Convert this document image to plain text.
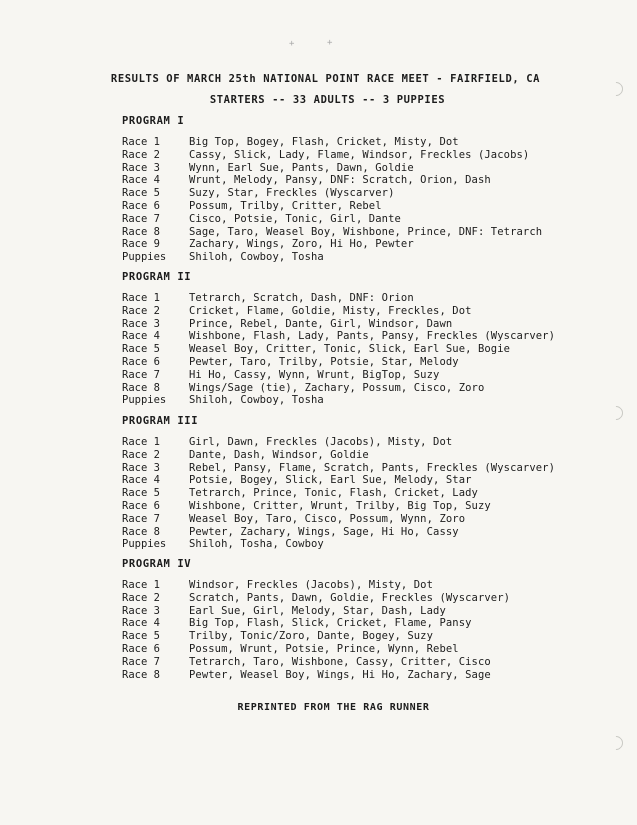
+	+
RESULTS OF MARCH 25th NATIONAL POINT RACE MEET - FAIRFIELD, CA
STARTERS -- 33 ADULTS -- 3 PUPPIES
PROGRAM I
Race 1	Big Top, Bogey, Flash, Cricket, Misty, Dot
Race 2	Cassy, Slick, Lady, Flame, Windsor, Freckles (Jacobs)
Race 3	Wynn, Earl Sue, Pants, Dawn, Goldie
Race 4	Wrunt, Melody, Pansy, DNF: Scratch, Orion, Dash
Race 5	Suzy, Star, Freckles (Wyscarver)
Race 6	Possum, Trilby, Critter, Rebel
Race 7	Cisco, Potsie, Tonic, Girl, Dante
Race 8	Sage, Taro, Weasel Boy, Wishbone, Prince, DNF: Tetrarch
Race 9	Zachary, Wings, Zoro, Hi Ho, Pewter
Puppies	Shiloh, Cowboy, Tosha
PROGRAM II
Race 1	Tetrarch, Scratch, Dash, DNF: Orion
Race 2	Cricket, Flame, Goldie, Misty, Freckles, Dot
Race 3	Prince, Rebel, Dante, Girl, Windsor, Dawn
Race 4	Wishbone, Flash, Lady, Pants, Pansy, Freckles (Wyscarver)
Race 5	Weasel Boy, Critter, Tonic, Slick, Earl Sue, Bogie
Race 6	Pewter, Taro, Trilby, Potsie, Star, Melody
Race 7	Hi Ho, Cassy, Wynn, Wrunt, BigTop, Suzy
Race 8	Wings/Sage (tie), Zachary, Possum, Cisco, Zoro
Puppies	Shiloh, Cowboy, Tosha
PROGRAM III
Race 1	Girl, Dawn, Freckles (Jacobs), Misty, Dot
Race 2	Dante, Dash, Windsor, Goldie
Race 3	Rebel, Pansy, Flame, Scratch, Pants, Freckles (Wyscarver)
Race 4	Potsie, Bogey, Slick, Earl Sue, Melody, Star
Race 5	Tetrarch, Prince, Tonic, Flash, Cricket, Lady
Race 6	Wishbone, Critter, Wrunt, Trilby, Big Top, Suzy
Race 7	Weasel Boy, Taro, Cisco, Possum, Wynn, Zoro
Race 8	Pewter, Zachary, Wings, Sage, Hi Ho, Cassy
Puppies	Shiloh, Tosha, Cowboy
PROGRAM IV
Race 1	Windsor, Freckles (Jacobs), Misty, Dot
Race 2	Scratch, Pants, Dawn, Goldie, Freckles (Wyscarver)
Race 3	Earl Sue, Girl, Melody, Star, Dash, Lady
Race 4	Big Top, Flash, Slick, Cricket, Flame, Pansy
Race 5	Trilby, Tonic/Zoro, Dante, Bogey, Suzy
Race 6	Possum, Wrunt, Potsie, Prince, Wynn, Rebel
Race 7	Tetrarch, Taro, Wishbone, Cassy, Critter, Cisco
Race 8	Pewter, Weasel Boy, Wings, Hi Ho, Zachary, Sage
REPRINTED FROM THE RAG RUNNER
